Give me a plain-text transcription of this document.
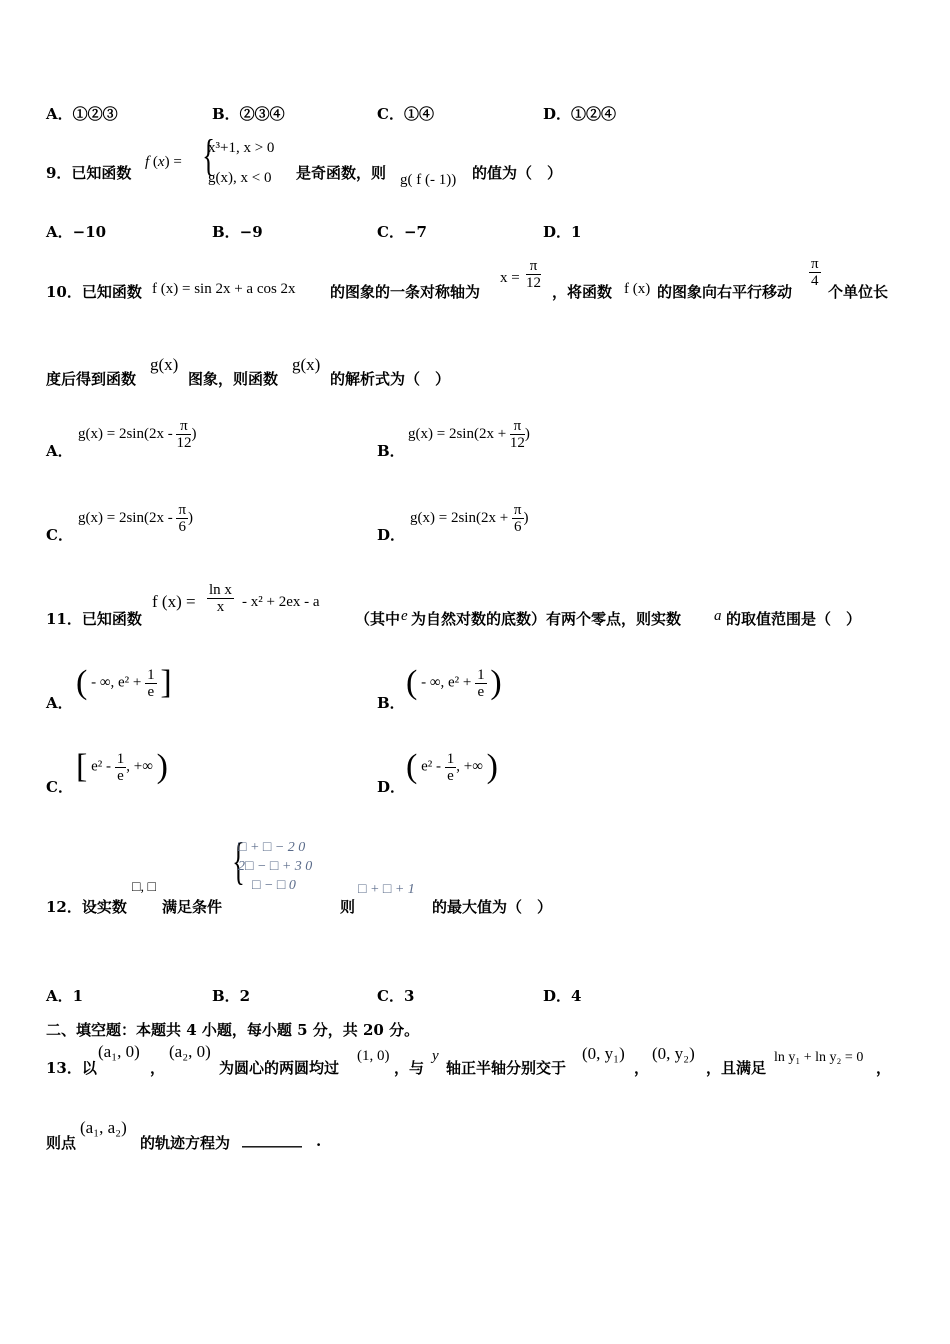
A．①②③	B．②③④	C．①④	D．①②④
9．已知函数
f (x) = {
x³+1, x > 0
g(x), x < 0 是奇函数，则 g( f (- 1)) 的值为（　）
A．−10	B．−9	C．−7	D．1
10．已知函数 f (x) = sin 2x + a cos 2x 的图象的一条对称轴为
$x = \frac{\pi}{12}$
，将函数 f (x) 的图象向右平行移动
$\frac{\pi}{4}$
个单位长
度后得到函数
g(x)
图象，则函数
g(x)
的解析式为（　）
A．
$g(x) = 2\sin(2x - \frac{\pi}{12}$ )
B．
$g(x) = 2\sin(2x + \frac{\pi}{12}$ )
C．
$g(x) = 2\sin(2x - \frac{\pi}{6}$ )
D．
$g(x) = 2\sin(2x + \frac{\pi}{6}$ )
11．已知函数
f $(x) = \frac{\text{ln x}}{x} - x^2 + 2ex - a$
（其中 e 为自然对数的底数）有两个零点，则实数 a 的取值范围是（　）
A．
( - ∞, $e^2 + \frac{1}{e}$ ]
B．
( - ∞, $e^2 + \frac{1}{e}$ )
C．
[ $e^2 - \frac{1}{e}$ , +∞ )
D．
( $e^2 - \frac{1}{e}$ , +∞ )
12．设实数
□, □
满足条件
{
□ + □ − 2 0
2□ − □ + 3 0
□ − □ 0
则
□ + □ + 1
的最大值为（　）
A．1	B．2	C．3	D．4
二、填空题：本题共 4 小题，每小题 5 分，共 20 分。
13．以
(a₁, 0)
，
(a₂, 0)
为圆心的两圆均过
(1, 0)
，与
y
轴正半轴分别交于
(0, y₁)
，
(0, y₂)
，且满足
ln y₁ + ln y₂ = 0
，
则点
(a₁, a₂)
的轨迹方程为 ________ .
